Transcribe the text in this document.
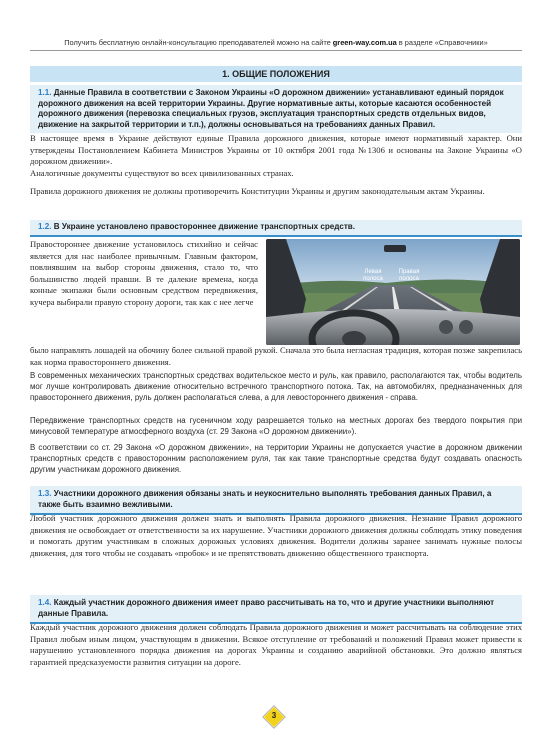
Получить бесплатную онлайн-консультацию преподавателей можно на сайте green-way.com.ua в разделе «Справочники»
1. ОБЩИЕ ПОЛОЖЕНИЯ
1.1. Данные Правила в соответствии с Законом Украины «О дорожном движении» устанавливают единый порядок дорожного движения на всей территории Украины. Другие нормативные акты, которые касаются особенностей дорожного движения (перевозка специальных грузов, эксплуатация транспортных средств отдельных видов, движение на закрытой территории и т.п.), должны основываться на требованиях данных Правил.
В настоящее время в Украине действуют единые Правила дорожного движения, которые имеют нормативный характер. Они утверждены Постановлением Кабинета Министров Украины от 10 октября 2001 года №1306 и основаны на Законе Украины «О дорожном движении».
Аналогичные документы существуют во всех цивилизованных странах.
Правила дорожного движения не должны противоречить Конституции Украины и другим законодательным актам Украины.
1.2. В Украине установлено правостороннее движение транспортных средств.
Правостороннее движение установилось стихийно и сейчас является для нас наиболее привычным. Главным фактором, повлиявшим на выбор стороны движения, стало то, что большинство людей правши. В те далекие времена, когда конные экипажи были основным средством передвижения, кучера выбирали правую сторону дороги, так как с нее легче
Левая полоса
Правая полоса
было направлять лошадей на обочину более сильной правой рукой. Сначала это была негласная традиция, которая позже закрепилась как норма правостороннего движения.
В современных механических транспортных средствах водительское место и руль, как правило, располагаются так, чтобы водитель мог лучше контролировать движение относительно встречного транспортного потока. Так, на автомобилях, предназначенных для правостороннего движения, руль должен располагаться слева, а для левостороннего движения - справа.
Передвижение транспортных средств на гусеничном ходу разрешается только на местных дорогах без твердого покрытия при минусовой температуре атмосферного воздуха (ст. 29 Закона «О дорожном движении»).
В соответствии со ст. 29 Закона «О дорожном движении», на территории Украины не допускается участие в дорожном движении транспортных средств с правосторонним расположением руля, так как такие транспортные средства будут создавать опасность другим участникам дорожного движения.
1.3. Участники дорожного движения обязаны знать и неукоснительно выполнять требования данных Правил, а также быть взаимно вежливыми.
Любой участник дорожного движения должен знать и выполнять Правила дорожного движения. Незнание Правил дорожного движения не освобождает от ответственности за их нарушение. Участники дорожного движения должны соблюдать этику поведения и помогать другим участникам в сложных дорожных условиях движения. Водители должны заранее занимать нужные полосы движения, для того чтобы не создавать «пробок» и не препятствовать движению общественного транспорта.
1.4. Каждый участник дорожного движения имеет право рассчитывать на то, что и другие участники выполняют данные Правила.
Каждый участник дорожного движения должен соблюдать Правила дорожного движения и может рассчитывать на соблюдение этих Правил любым иным лицом, участвующим в движении. Всякое отступление от требований и положений Правил может привести к нарушению установленного порядка движения на дорогах Украины и созданию аварийной обстановки. Это должно являться гарантией предсказуемости развития ситуации на дороге.
3
